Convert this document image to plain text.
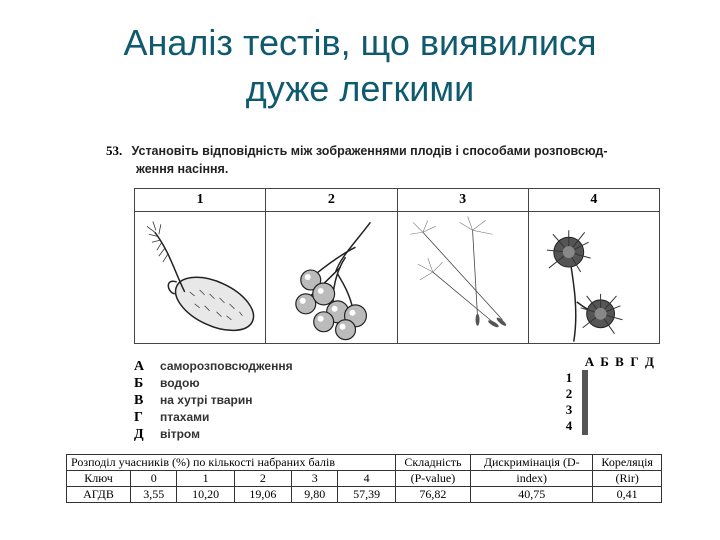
Аналіз тестів, що виявилися
дуже легкими
53. Установіть відповідність між зображеннями плодів і способами розповсюд-
ження насіння.
1	2	3	4
А	саморозповсюдження
Б	водою
В	на хутрі тварин
Г	птахами
Д	вітром
А Б В Г Д
1
2
3
4

Розподіл учасників (%) по кількості набраних балів						Складність	Дискримінація (D-	Кореляція
Ключ	0	1	2	3	4	(P-value)	index)	(Rir)
АГДВ	3,55	10,20	19,06	9,80	57,39	76,82	40,75	0,41
